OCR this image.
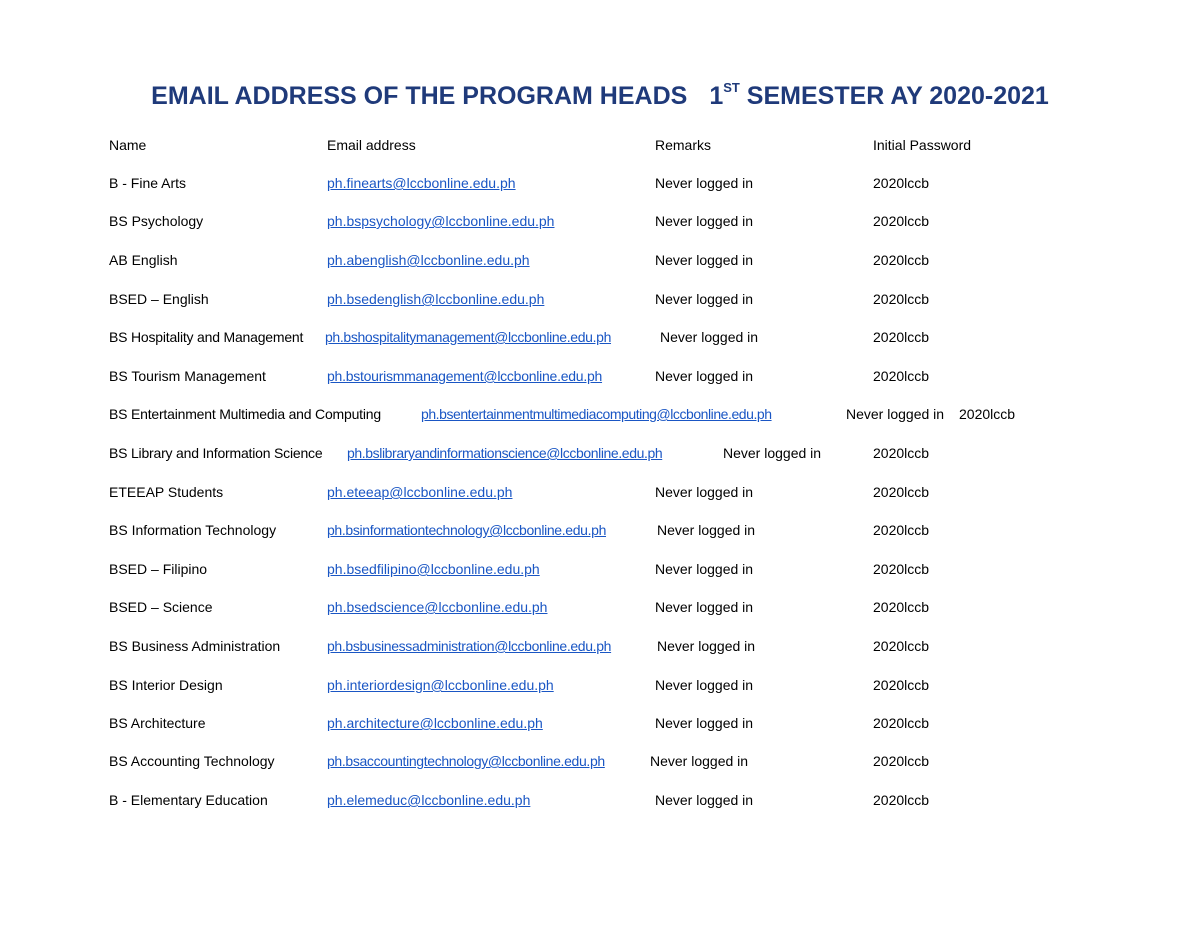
EMAIL ADDRESS OF THE PROGRAM HEADS 1ST SEMESTER AY 2020-2021
Name	Email address	Remarks	Initial Password
B - Fine Arts	ph.finearts@lccbonline.edu.ph	Never logged in	2020lccb
BS Psychology	ph.bspsychology@lccbonline.edu.ph	Never logged in	2020lccb
AB English	ph.abenglish@lccbonline.edu.ph	Never logged in	2020lccb
BSED – English	ph.bsedenglish@lccbonline.edu.ph	Never logged in	2020lccb
BS Hospitality and Management ph.bshospitalitymanagement@lccbonline.edu.ph	Never logged in	2020lccb
BS Tourism Management	ph.bstourismmanagement@lccbonline.edu.ph	Never logged in	2020lccb
BS Entertainment Multimedia and Computing	ph.bsentertainmentmultimediacomputing@lccbonline.edu.ph	Never logged in 2020lccb
BS Library and Information Science ph.bslibraryandinformationscience@lccbonline.edu.ph	Never logged in	2020lccb
ETEEAP Students	ph.eteeap@lccbonline.edu.ph	Never logged in	2020lccb
BS Information Technology	ph.bsinformationtechnology@lccbonline.edu.ph	Never logged in	2020lccb
BSED – Filipino	ph.bsedfilipino@lccbonline.edu.ph	Never logged in	2020lccb
BSED – Science	ph.bsedscience@lccbonline.edu.ph	Never logged in	2020lccb
BS Business Administration	ph.bsbusinessadministration@lccbonline.edu.ph	Never logged in	2020lccb
BS Interior Design	ph.interiordesign@lccbonline.edu.ph	Never logged in	2020lccb
BS Architecture	ph.architecture@lccbonline.edu.ph	Never logged in	2020lccb
BS Accounting Technology	ph.bsaccountingtechnology@lccbonline.edu.ph	Never logged in	2020lccb
B - Elementary Education	ph.elemeduc@lccbonline.edu.ph	Never logged in	2020lccb
